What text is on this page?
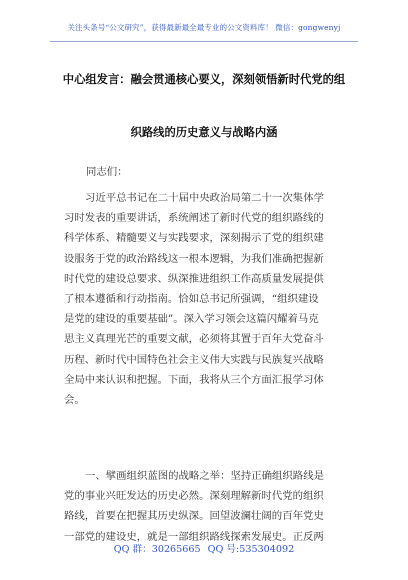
关注头条号“公文研究”，获得最新最全最专业的公文资料库！ 微信：gongwenyj
中心组发言：融会贯通核心要义，深刻领悟新时代党的组
织路线的历史意义与战略内涵
同志们：
习近平总书记在二十届中央政治局第二十一次集体学
习时发表的重要讲话，系统阐述了新时代党的组织路线的
科学体系、精髓要义与实践要求，深刻揭示了党的组织建
设服务于党的政治路线这一根本逻辑，为我们准确把握新
时代党的建设总要求、纵深推进组织工作高质量发展提供
了根本遵循和行动指南。恰如总书记所强调，“组织建设
是党的建设的重要基础”。深入学习领会这篇闪耀着马克
思主义真理光芒的重要文献，必须将其置于百年大党奋斗
历程、新时代中国特色社会主义伟大实践与民族复兴战略
全局中来认识和把握。下面，我将从三个方面汇报学习体
会。
一、擘画组织蓝图的战略之举：坚持正确组织路线是
党的事业兴旺发达的历史必然。深刻理解新时代党的组织
路线，首要在把握其历史纵深。回望波澜壮阔的百年党史
一部党的建设史，就是一部组织路线探索发展史。正反两
QQ 群：30265665 QQ 号:535304092
